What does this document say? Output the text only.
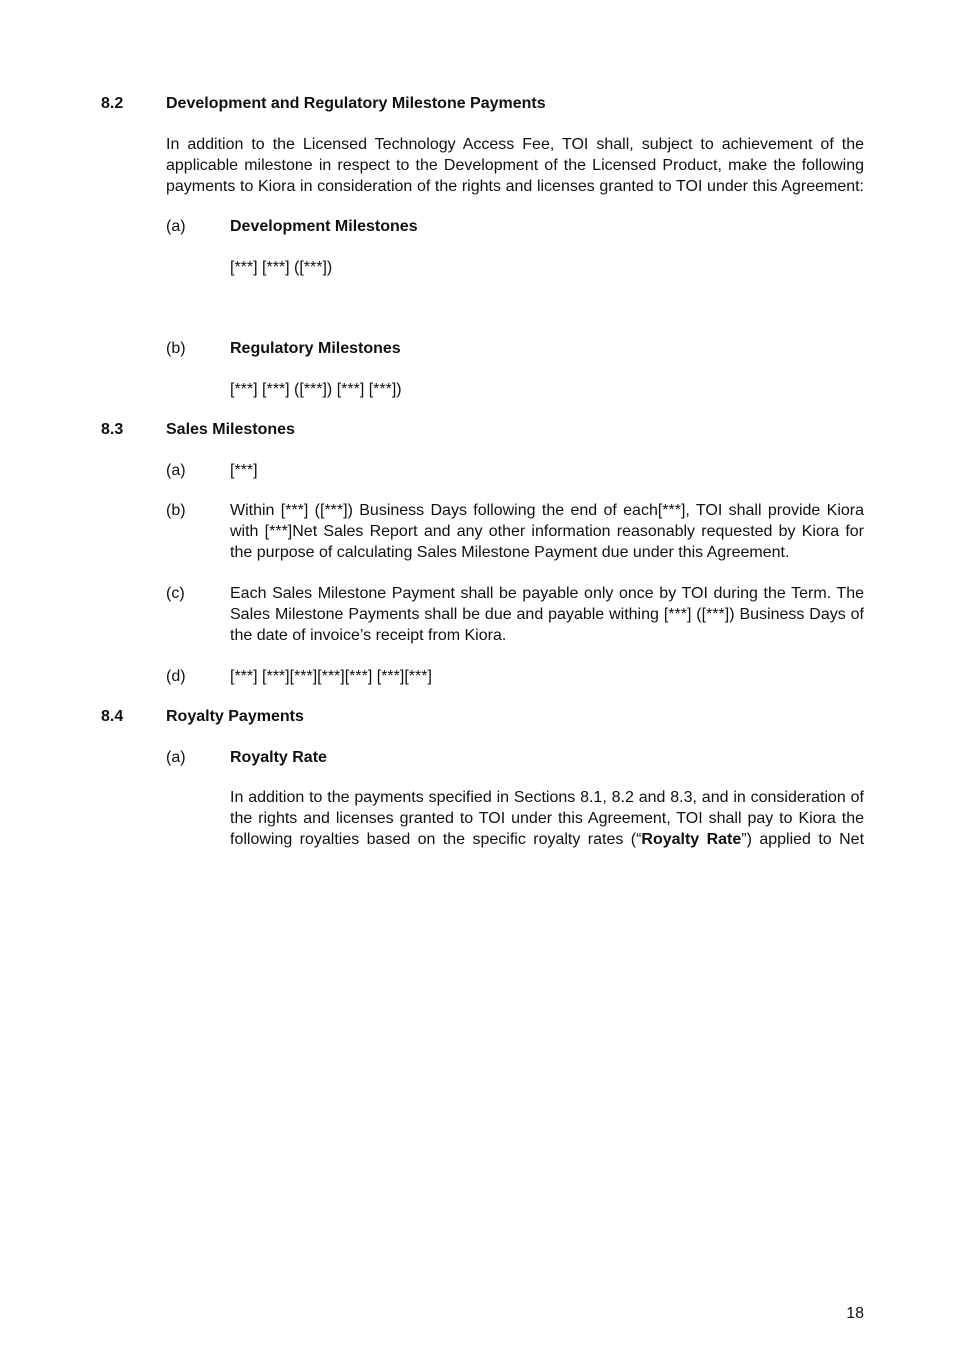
8.2	Development and Regulatory Milestone Payments
In addition to the Licensed Technology Access Fee, TOI shall, subject to achievement of the
applicable milestone in respect to the Development of the Licensed Product, make the following
payments to Kiora in consideration of the rights and licenses granted to TOI under this Agreement:
(a)	Development Milestones
[***] [***] ([***])
(b)	Regulatory Milestones
[***] [***] ([***]) [***] [***])
8.3	Sales Milestones
(a)	[***]
(b)	Within [***] ([***]) Business Days following the end of each[***], TOI shall provide Kiora
with [***]Net Sales Report and any other information reasonably requested by Kiora for
the purpose of calculating Sales Milestone Payment due under this Agreement.
(c)	Each Sales Milestone Payment shall be payable only once by TOI during the Term. The
Sales Milestone Payments shall be due and payable withing [***] ([***]) Business Days of
the date of invoice’s receipt from Kiora.
(d)	[***] [***][***][***][***] [***][***]
8.4	Royalty Payments
(a)	Royalty Rate
In addition to the payments specified in Sections 8.1, 8.2 and 8.3, and in consideration of
the rights and licenses granted to TOI under this Agreement, TOI shall pay to Kiora the
following royalties based on the specific royalty rates (“Royalty Rate”) applied to Net
18
